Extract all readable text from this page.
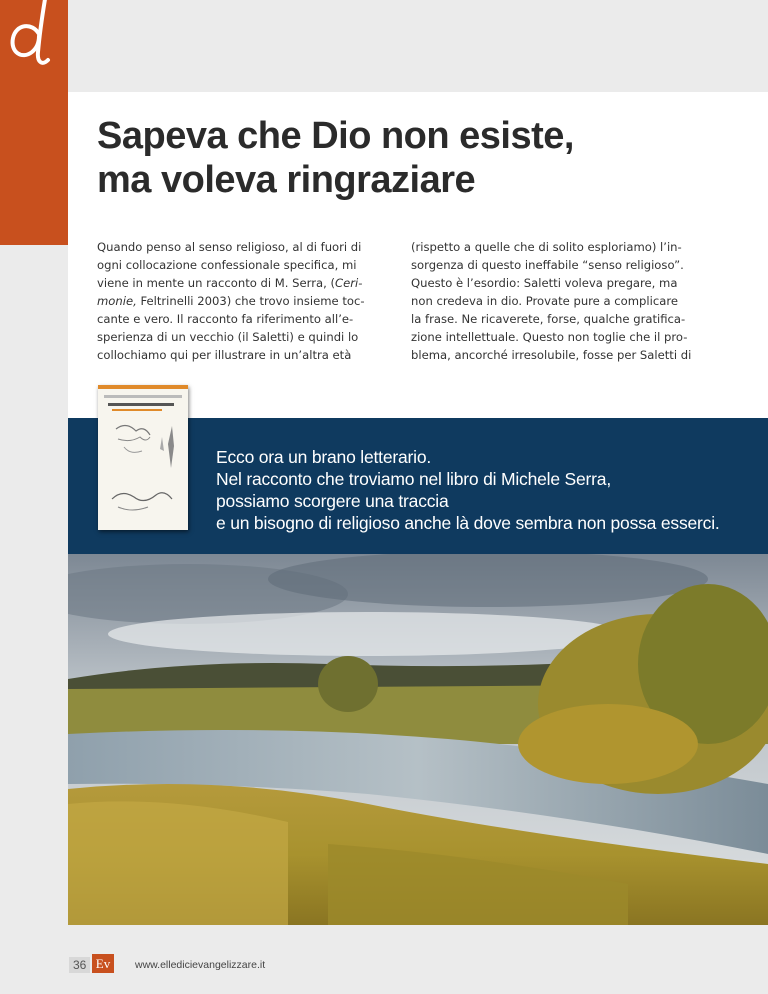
Sapeva che Dio non esiste,
ma voleva ringraziare
Quando penso al senso religioso, al di fuori di
ogni collocazione confessionale specifica, mi
viene in mente un racconto di M. Serra, (Ceri-
monie, Feltrinelli 2003) che trovo insieme toc-
cante e vero. Il racconto fa riferimento all’e-
sperienza di un vecchio (il Saletti) e quindi lo
collochiamo qui per illustrare in un’altra età
(rispetto a quelle che di solito esploriamo) l’in-
sorgenza di questo ineffabile “senso religioso”.
Questo è l’esordio: Saletti voleva pregare, ma
non credeva in dio. Provate pure a complicare
la frase. Ne ricaverete, forse, qualche gratifica-
zione intellettuale. Questo non toglie che il pro-
blema, ancorché irresolubile, fosse per Saletti di
Ecco ora un brano letterario.
Nel racconto che troviamo nel libro di Michele Serra,
possiamo scorgere una traccia
e un bisogno di religioso anche là dove sembra non possa esserci.
36 Ev	www.elledicievangelizzare.it
